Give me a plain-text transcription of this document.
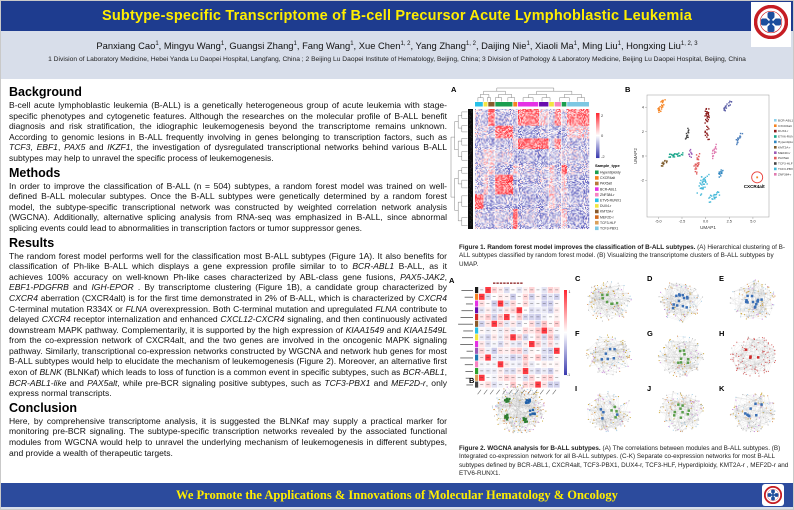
Subtype-specific Transcriptome of B-cell Precursor Acute Lymphoblastic Leukemia
Panxiang Cao$^1$, Mingyu Wang$^1$, Guangsi Zhang$^1$, Fang Wang$^1$, Xue Chen$^{1, 2}$, Yang Zhang$^{1, 2}$, Daijing Nie$^1$, Xiaoli Ma$^1$, Ming Liu$^1$, Hongxing Liu$^{1, 2, 3}$
1 Division of Laboratory Medicine, Hebei Yanda Lu Daopei Hospital, Langfang, China ; 2 Beijing Lu Daopei Institute of Hematology, Beijing, China; 3 Division of Pathology & Laboratory Medicine, Beijing Lu Daopei Hospital, Beijing, China
Background

B-cell acute lymphoblastic leukemia (B-ALL) is a genetically heterogeneous group of acute leukemia with stage-specific phenotypes and cytogenetic features. Although the researches on the molecular profile of B-ALL benefit diagnosis and risk stratification, the idiographic leukemogenesis beyond the transcriptome remains unknown. According to genomic lesions in B-ALL frequently involving in genes belonging to transcription factors, such as TCF3, EBF1, PAX5 and IKZF1, the investigation of dysregulated transcriptional networks behind various B-ALL subtypes may help to unravel the specific process of leukemogenesis.

Methods

In order to improve the classification of B-ALL (n = 504) subtypes, a random forest model was trained on well-defined B-ALL molecular subtypes. Once the B-ALL subtypes were genetically determined by a random forest model, the subtype-specific transcriptional network was constructed by weighted correlation network analysis (WGCNA). Additionally, alternative splicing analysis from RNA-seq was emphasized in B-ALL, since abnormal splicing events could lead to abnormalities in transcription factors or tumor suppressor genes.

Results

The random forest model performs well for the classification most B-ALL subtypes (Figure 1A). It also benefits for classification of Ph-like B-ALL which displays a gene expression profile similar to to BCR-ABL1 B-ALL, as it achieves 100% accuracy on well-known Ph-like cases characterized by ABL-class gene fusions, PAX5-JAK2, EBF1-PDGFRB and IGH-EPOR . By transcriptome clustering (Figure 1B), a candidate group characterized by CXCR4 aberration (CXCR4alt) is for the first time demonstrated in 2% of B-ALL, which is characterized by CXCR4 C-terminal mutation R334X or FLNA overexpression. Both C-terminal mutation and upregulated FLNA contribute to delayed CXCR4 receptor internalization and enhanced CXCL12-CXCR4 signaling, and then continuously activated downstream MAPK pathway. Complementarily, it is supported by the high expression of KIAA1549 and KIAA1549L from the co-expression network of CXCR4alt, and the two genes are involved in the oncogenic MAPK signaling pathway. Similarly, transcriptional co-expression networks constructed by WGCNA and network hub genes for most B-ALL subtypes would help to elucidate the mechanism of leukemogenesis (Figure 2). Moreover, an alternative first exon of BLNK (BLNKaf) which leads to loss of function is a common event in specific subtypes, such as BCR-ABL1, BCR-ABL1-like and PAX5alt, while pre-BCR signaling positive subtypes, such as TCF3-PBX1 and MEF2D-r, only express normal transcripts.

Conclusion

Here, by comprehensive transcriptome analysis, it is suggested the BLNKaf may supply a practical marker for monitoring pre-BCR signaling. The subtype-specific transcription networks revealed by the associated functional modules from WGCNA would help to unravel the underlying mechanism of leukemogenesis in different subtypes, and provide a wealth of therapeutic targets.

A	B
Figure 1. Random forest model improves the classification of B-ALL subtypes. (A) Hierarchical clustering of B-ALL subtypes classified by random forest model. (B) Visualizing the transcriptome clusters of B-ALL subtypes by UMAP.
A
B
C	D	E
F	G	H
I	J	K
Figure 2. WGCNA analysis for B-ALL subtypes. (A) The correlations between modules and B-ALL subtypes. (B) Integrated co-expression network for all B-ALL subtypes. (C-K) Separate co-expression networks for most B-ALL subtypes defined by BCR-ABL1, CXCR4alt, TCF3-PBX1, DUX4-r, TCF3-HLF, Hyperdiploidy, KMT2A-r , MEF2D-r and ETV6-RUNX1.
We Promote the Applications & Innovations of Molecular Hematology & Oncology
